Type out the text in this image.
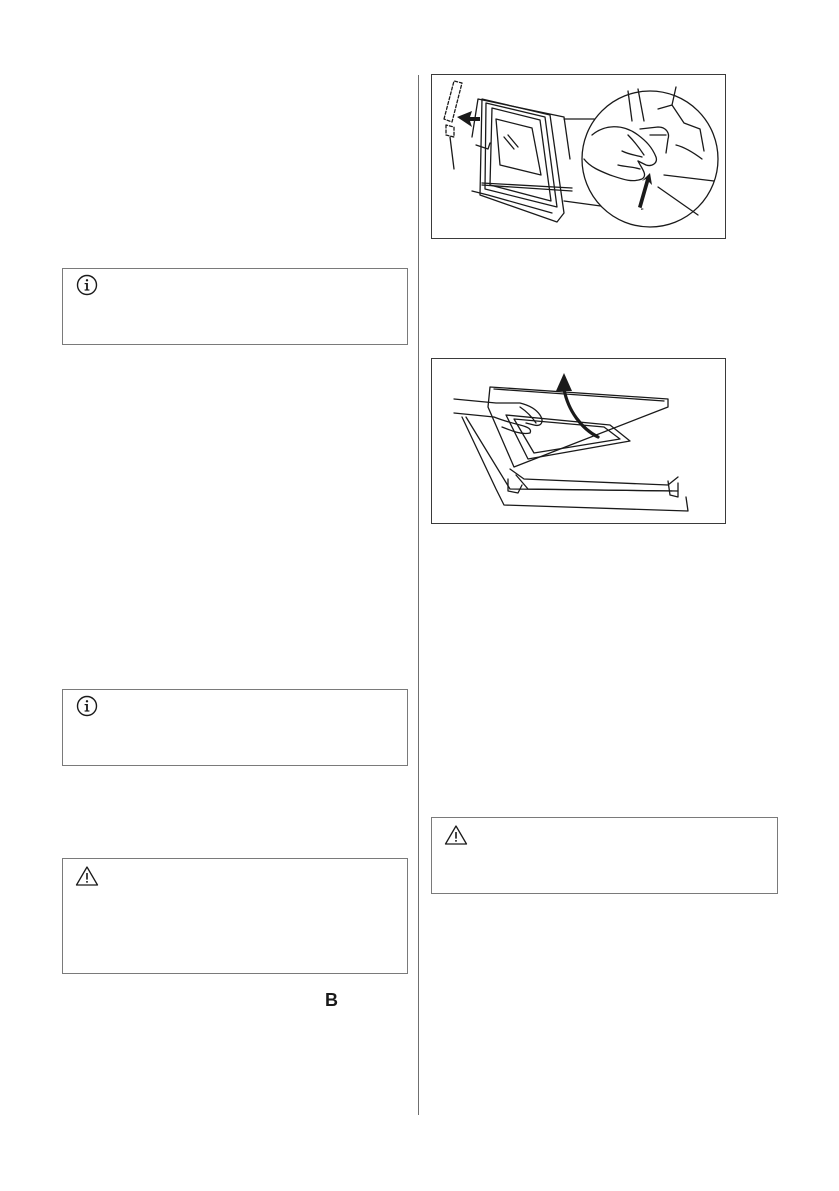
B
